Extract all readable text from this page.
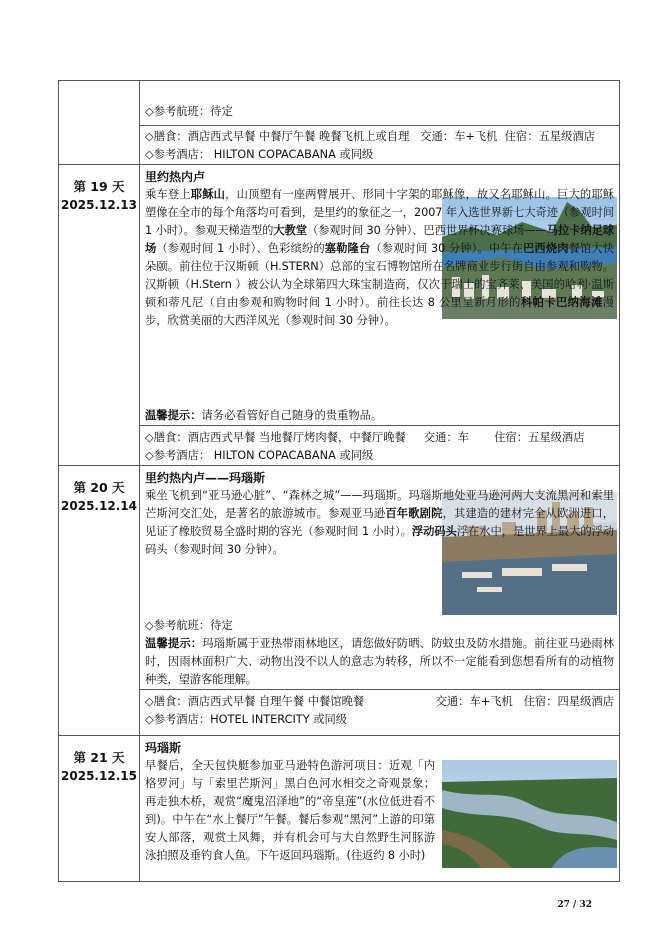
第 19 天
2025.12.13
第 20 天
2025.12.14
第 21 天
2025.12.15

◇参考航班：待定

◇膳食：酒店西式早餐 中餐厅午餐 晚餐飞机上或自理 交通：车+飞机 住宿：五星级酒店

◇参考酒店： HILTON COPACABANA 或同级

里约热内卢

乘车登上耶稣山，山顶塑有一座两臂展开、形同十字架的耶稣像，故又名耶稣山。巨大的耶稣塑像在全市的每个角落均可看到，是里约的象征之一，2007 年入选世界新七大奇迹（参观时间 1 小时）。参观天梯造型的大教堂（参观时间 30 分钟）、巴西世界杯决赛球场——马拉卡纳足球场（参观时间 1 小时）、色彩缤纷的塞勒隆台（参观时间 30 分钟）。中午在巴西烧肉餐馆大快朵颐。前往位于汉斯顿（H.STERN）总部的宝石博物馆所在名牌商业步行街自由参观和购物。汉斯顿（H.Stern ）被公认为全球第四大珠宝制造商，仅次于瑞士的宝齐莱、美国的哈利·温斯顿和蒂凡尼（自由参观和购物时间 1 小时）。前往长达 8 公里呈新月形的科帕卡巴纳海滩漫步，欣赏美丽的大西洋风光（参观时间 30 分钟）。

温馨提示：请务必看管好自己随身的贵重物品。

◇膳食：酒店西式早餐 当地餐厅烤肉餐，中餐厅晚餐 交通：车 住宿：五星级酒店

◇参考酒店： HILTON COPACABANA 或同级

里约热内卢——玛瑙斯

乘坐飞机到“亚马逊心脏”、“森林之城”——玛瑙斯。玛瑙斯地处亚马逊河两大支流黑河和索里芒斯河交汇处，是著名的旅游城市。参观亚马逊百年歌剧院，其建造的建材完全从欧洲进口，见证了橡胶贸易全盛时期的容光（参观时间 1 小时）。浮动码头浮在水中，是世界上最大的浮动码头（参观时间 30 分钟）。

◇参考航班：待定

温馨提示：玛瑙斯属于亚热带雨林地区，请您做好防晒、防蚊虫及防水措施。前往亚马逊雨林时，因雨林面积广大、动物出没不以人的意志为转移，所以不一定能看到您想看所有的动植物种类，望游客能理解。

◇膳食：酒店西式早餐 自理午餐 中餐馆晚餐	交通：车+飞机 住宿：四星级酒店

◇参考酒店：HOTEL INTERCITY 或同级

玛瑙斯

早餐后，全天包快艇参加亚马逊特色游河项目：近观「内格罗河」与「索里芒斯河」黑白色河水相交之奇观景象；再走独木桥，观赏“魔鬼沼泽地”的“帝皇莲”(水位低进看不到)。中午在“水上餐厅”午餐。餐后参观“黑河”上游的印第安人部落，观赏土风舞，并有机会可与大自然野生河豚游泳拍照及垂钓食人鱼。下午返回玛瑙斯。(往返约 8 小时)

27 / 32
